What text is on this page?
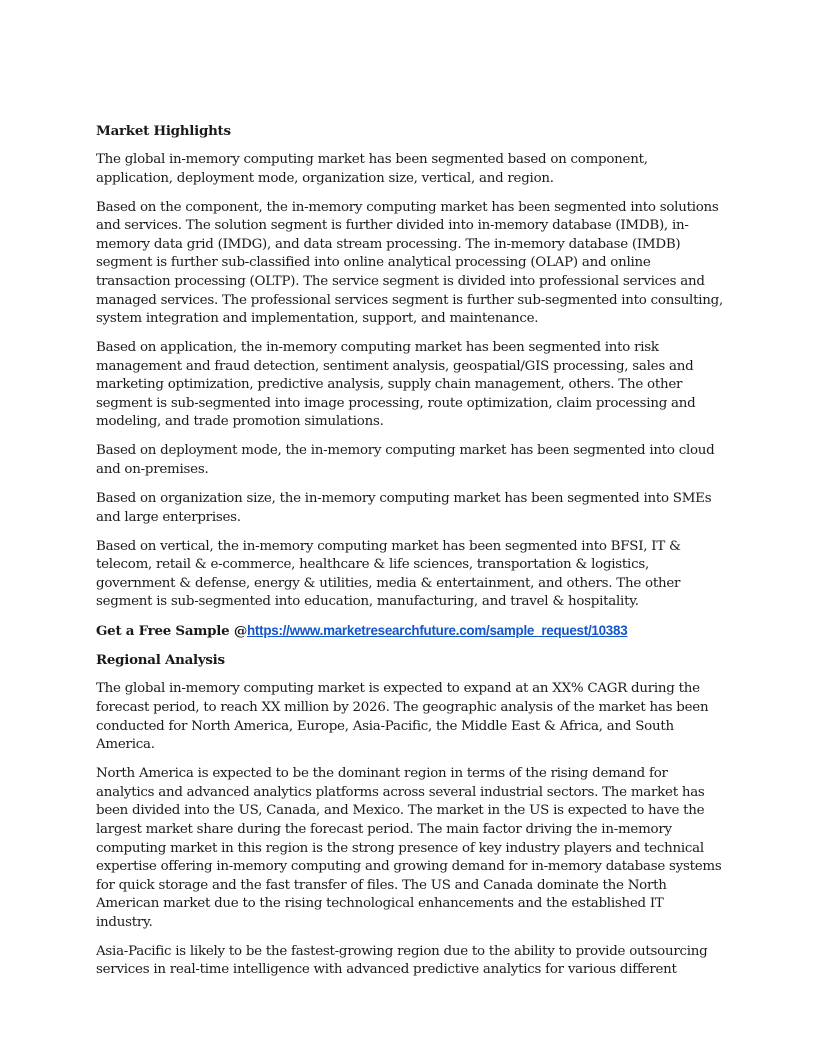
Market Highlights

The global in-memory computing market has been segmented based on component, application, deployment mode, organization size, vertical, and region.

Based on the component, the in-memory computing market has been segmented into solutions and services. The solution segment is further divided into in-memory database (IMDB), in-memory data grid (IMDG), and data stream processing. The in-memory database (IMDB) segment is further sub-classified into online analytical processing (OLAP) and online transaction processing (OLTP). The service segment is divided into professional services and managed services. The professional services segment is further sub-segmented into consulting, system integration and implementation, support, and maintenance.

Based on application, the in-memory computing market has been segmented into risk management and fraud detection, sentiment analysis, geospatial/GIS processing, sales and marketing optimization, predictive analysis, supply chain management, others. The other segment is sub-segmented into image processing, route optimization, claim processing and modeling, and trade promotion simulations.

Based on deployment mode, the in-memory computing market has been segmented into cloud and on-premises.

Based on organization size, the in-memory computing market has been segmented into SMEs and large enterprises.

Based on vertical, the in-memory computing market has been segmented into BFSI, IT & telecom, retail & e-commerce, healthcare & life sciences, transportation & logistics, government & defense, energy & utilities, media & entertainment, and others. The other segment is sub-segmented into education, manufacturing, and travel & hospitality.

Get a Free Sample @https://www.marketresearchfuture.com/sample_request/10383

Regional Analysis

The global in-memory computing market is expected to expand at an XX% CAGR during the forecast period, to reach XX million by 2026. The geographic analysis of the market has been conducted for North America, Europe, Asia-Pacific, the Middle East & Africa, and South America.

North America is expected to be the dominant region in terms of the rising demand for analytics and advanced analytics platforms across several industrial sectors. The market has been divided into the US, Canada, and Mexico. The market in the US is expected to have the largest market share during the forecast period. The main factor driving the in-memory computing market in this region is the strong presence of key industry players and technical expertise offering in-memory computing and growing demand for in-memory database systems for quick storage and the fast transfer of files. The US and Canada dominate the North American market due to the rising technological enhancements and the established IT industry.

Asia-Pacific is likely to be the fastest-growing region due to the ability to provide outsourcing services in real-time intelligence with advanced predictive analytics for various different
